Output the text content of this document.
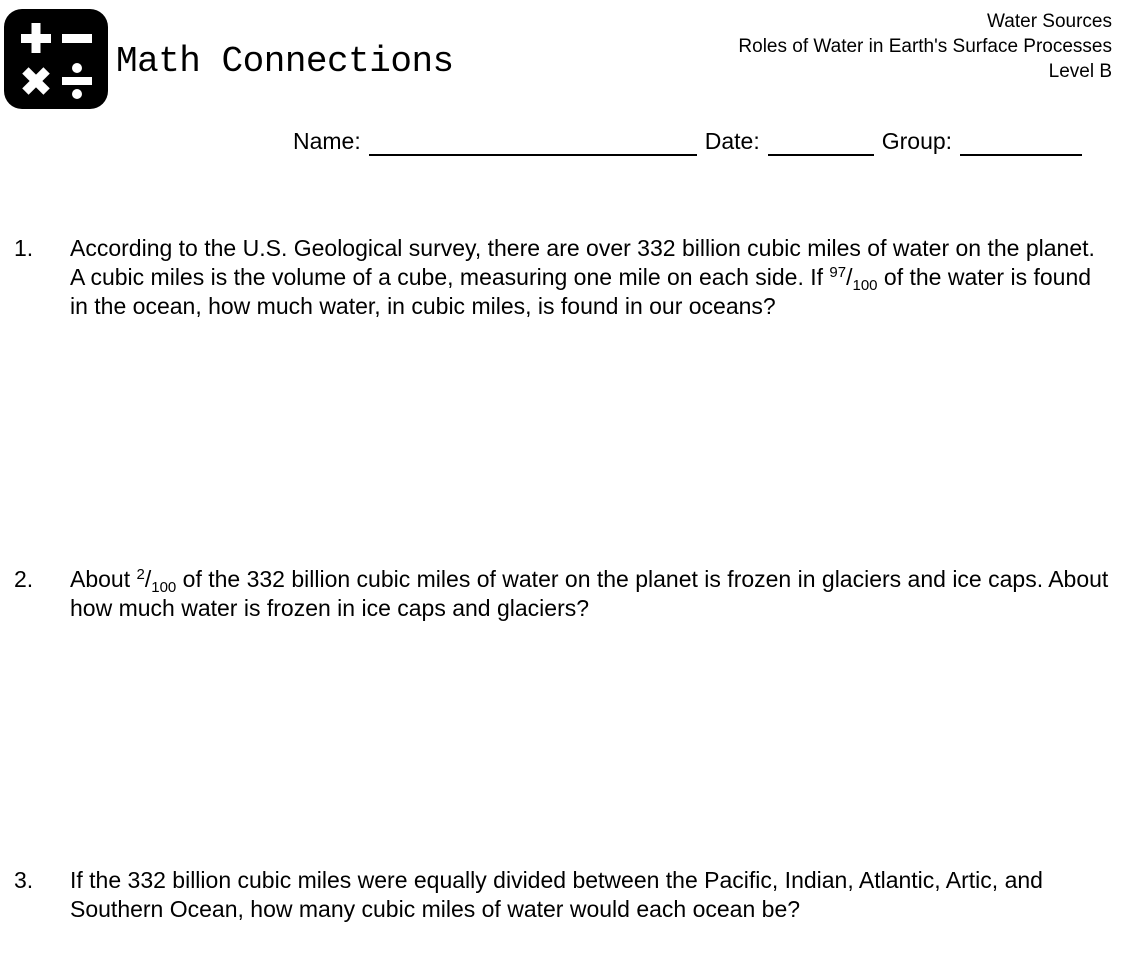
Math Connections
Water Sources
Roles of Water in Earth's Surface Processes
Level B
Name:	Date:	Group:
1. According to the U.S. Geological survey, there are over 332 billion cubic miles of water on the planet. A cubic miles is the volume of a cube, measuring one mile on each side. If $^{97}/_{100}$ of the water is found in the ocean, how much water, in cubic miles, is found in our oceans?
2. About $^2/_{100}$ of the 332 billion cubic miles of water on the planet is frozen in glaciers and ice caps. About how much water is frozen in ice caps and glaciers?
3. If the 332 billion cubic miles were equally divided between the Pacific, Indian, Atlantic, Artic, and Southern Ocean, how many cubic miles of water would each ocean be?
